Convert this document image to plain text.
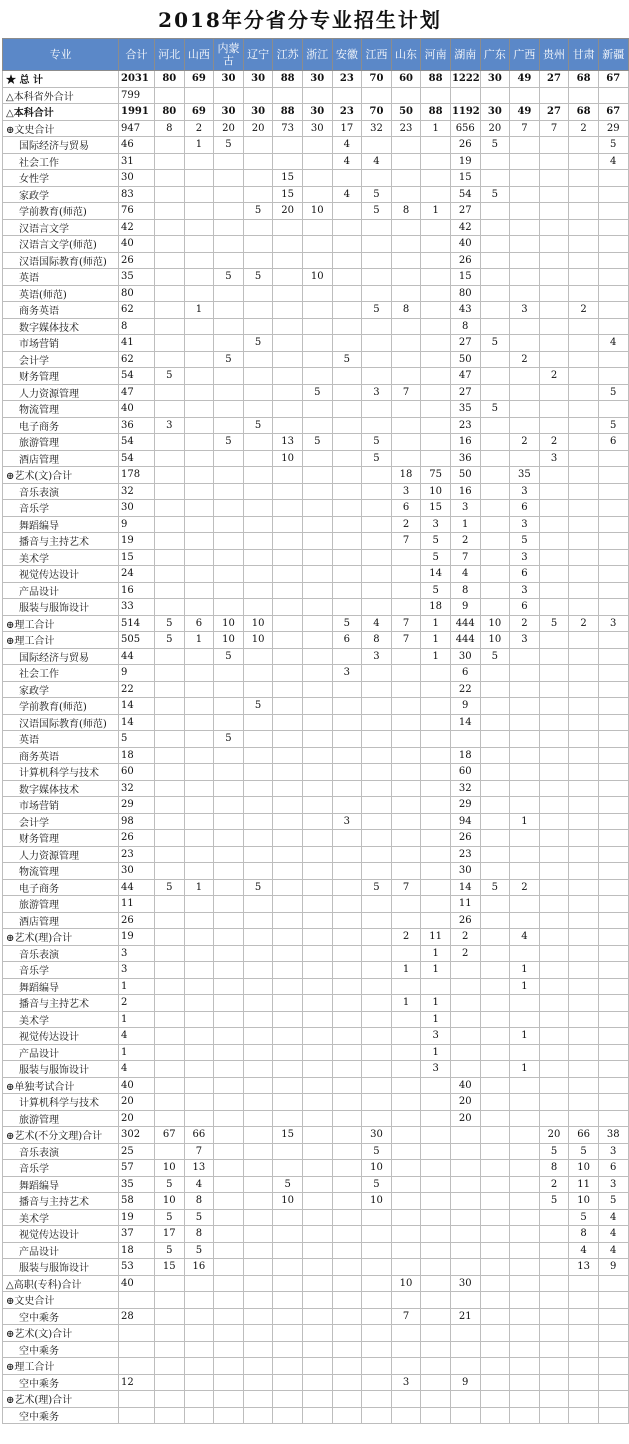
2018年分省分专业招生计划
专业	合计	河北	山西	内蒙古	辽宁	江苏	浙江	安徽	江西	山东	河南	湖南	广东	广西	贵州	甘肃	新疆
★ 总 计	2031	80	69	30	30	88	30	23	70	60	88	1222	30	49	27	68	67
△本科省外合计	799																
△本科合计	1991	80	69	30	30	88	30	23	70	50	88	1192	30	49	27	68	67
⊕文史合计	947	8	2	20	20	73	30	17	32	23	1	656	20	7	7	2	29
国际经济与贸易	46		1	5				4				26	5				5
社会工作	31							4	4			19					4
女性学	30					15						15					
家政学	83					15		4	5			54	5				
学前教育(师范)	76				5	20	10		5	8	1	27					
汉语言文学	42											42					
汉语言文学(师范)	40											40					
汉语国际教育(师范)	26											26					
英语	35			5	5		10					15					
英语(师范)	80											80					
商务英语	62		1						5	8		43		3		2	
数字媒体技术	8											8					
市场营销	41				5							27	5				4
会计学	62			5				5				50		2			
财务管理	54	5										47			2		
人力资源管理	47						5		3	7		27					5
物流管理	40											35	5				
电子商务	36	3			5							23					5
旅游管理	54			5		13	5		5			16		2	2		6
酒店管理	54					10			5			36			3		
⊕艺术(文)合计	178									18	75	50		35			
音乐表演	32									3	10	16		3			
音乐学	30									6	15	3		6			
舞蹈编导	9									2	3	1		3			
播音与主持艺术	19									7	5	2		5			
美术学	15										5	7		3			
视觉传达设计	24										14	4		6			
产品设计	16										5	8		3			
服装与服饰设计	33										18	9		6			
⊕理工合计	514	5	6	10	10			5	4	7	1	444	10	2	5	2	3
⊕理工合计	505	5	1	10	10			6	8	7	1	444	10	3			
国际经济与贸易	44			5					3		1	30	5				
社会工作	9							3				6					
家政学	22											22					
学前教育(师范)	14				5							9					
汉语国际教育(师范)	14											14					
英语	5			5													
商务英语	18											18					
计算机科学与技术	60											60					
数字媒体技术	32											32					
市场营销	29											29					
会计学	98							3				94		1			
财务管理	26											26					
人力资源管理	23											23					
物流管理	30											30					
电子商务	44	5	1		5				5	7		14	5	2			
旅游管理	11											11					
酒店管理	26											26					
⊕艺术(理)合计	19									2	11	2		4			
音乐表演	3										1	2					
音乐学	3									1	1			1			
舞蹈编导	1													1			
播音与主持艺术	2									1	1						
美术学	1										1						
视觉传达设计	4										3			1			
产品设计	1										1						
服装与服饰设计	4										3			1			
⊕单独考试合计	40											40					
计算机科学与技术	20											20					
旅游管理	20											20					
⊕艺术(不分文理)合计	302	67	66			15			30						20	66	38
音乐表演	25		7						5						5	5	3
音乐学	57	10	13						10						8	10	6
舞蹈编导	35	5	4			5			5						2	11	3
播音与主持艺术	58	10	8			10			10						5	10	5
美术学	19	5	5													5	4
视觉传达设计	37	17	8													8	4
产品设计	18	5	5													4	4
服装与服饰设计	53	15	16													13	9
△高职(专科)合计	40									10		30					
⊕文史合计																	
空中乘务	28									7		21					
⊕艺术(文)合计																	
空中乘务																	
⊕理工合计																	
空中乘务	12									3		9					
⊕艺术(理)合计																	
空中乘务																	
